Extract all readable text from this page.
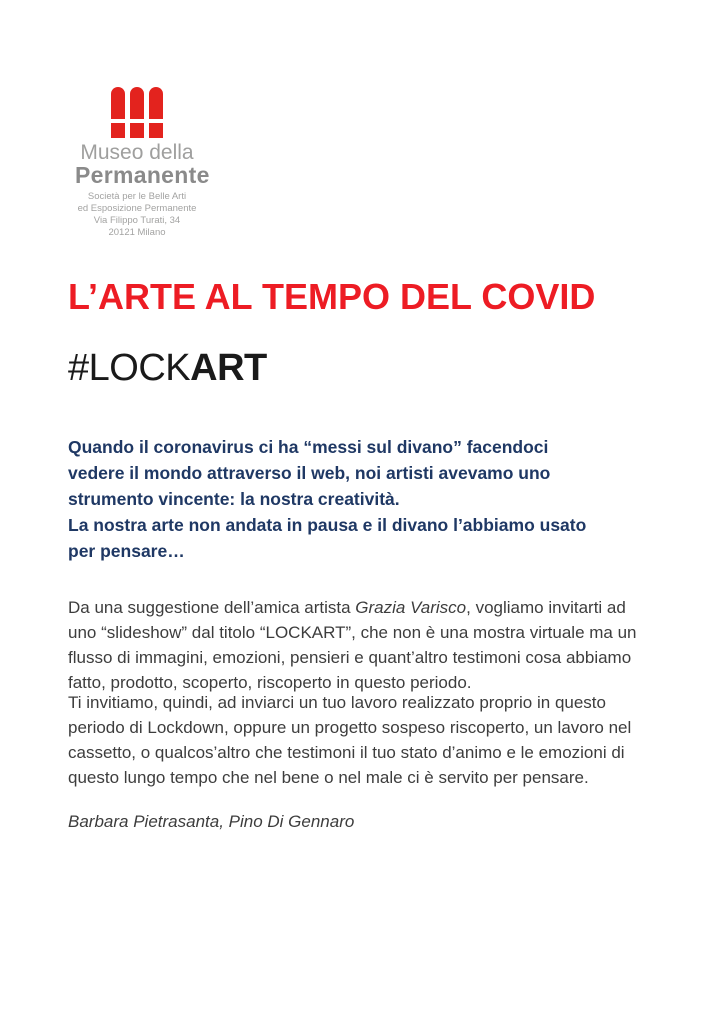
Museo della
Permanente
Società per le Belle Arti
ed Esposizione Permanente
Via Filippo Turati, 34
20121 Milano
L’ARTE AL TEMPO DEL COVID
#LOCKART
Quando il coronavirus ci ha “messi sul divano” facendoci
vedere il mondo attraverso il web, noi artisti avevamo uno
strumento vincente: la nostra creatività.
La nostra arte non andata in pausa e il divano l’abbiamo usato
per pensare…

Da una suggestione dell’amica artista Grazia Varisco, vogliamo invitarti ad
uno “slideshow” dal titolo “LOCKART”, che non è una mostra virtuale ma un
flusso di immagini, emozioni, pensieri e quant’altro testimoni cosa abbiamo
fatto, prodotto, scoperto, riscoperto in questo periodo.

Ti invitiamo, quindi, ad inviarci un tuo lavoro realizzato proprio in questo
periodo di Lockdown, oppure un progetto sospeso riscoperto, un lavoro nel
cassetto, o qualcos’altro che testimoni il tuo stato d’animo e le emozioni di
questo lungo tempo che nel bene o nel male ci è servito per pensare.

Barbara Pietrasanta, Pino Di Gennaro
